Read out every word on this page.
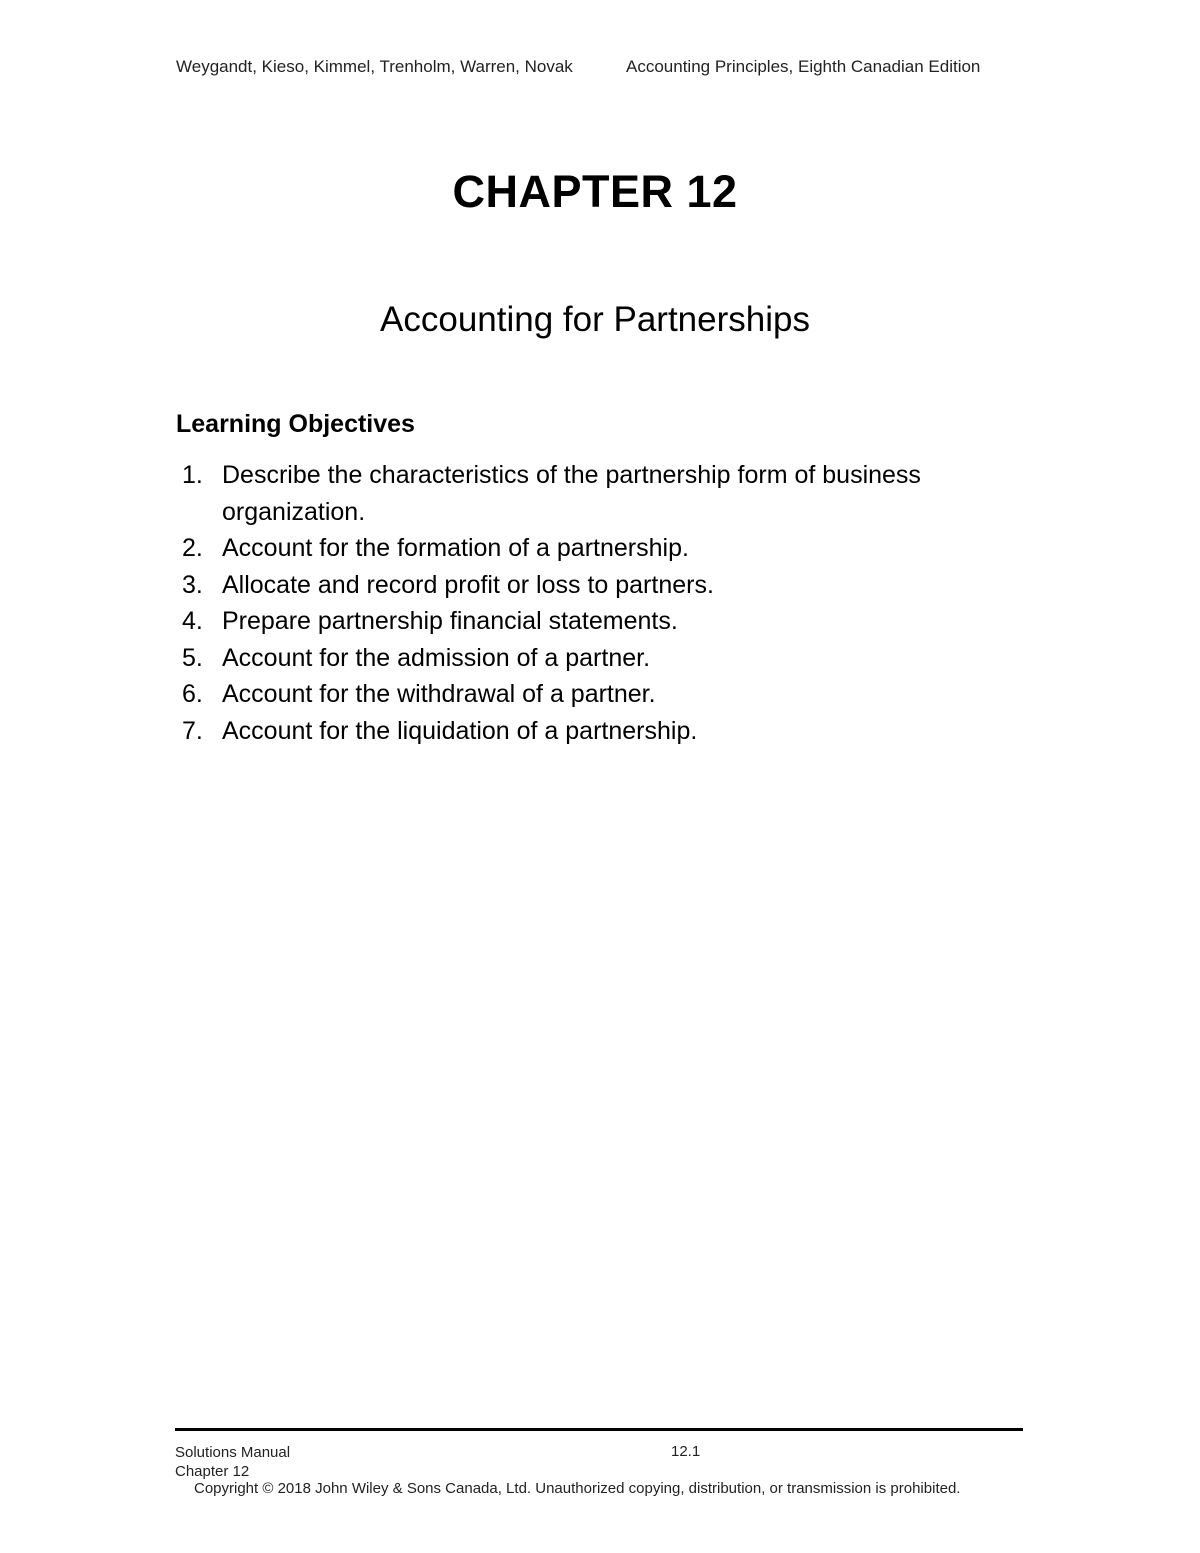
Weygandt, Kieso, Kimmel, Trenholm, Warren, Novak	Accounting Principles, Eighth Canadian Edition
CHAPTER 12
Accounting for Partnerships
Learning Objectives
1. Describe the characteristics of the partnership form of business organization.
2. Account for the formation of a partnership.
3. Allocate and record profit or loss to partners.
4. Prepare partnership financial statements.
5. Account for the admission of a partner.
6. Account for the withdrawal of a partner.
7. Account for the liquidation of a partnership.
Solutions Manual
Chapter 12
12.1
Copyright © 2018 John Wiley & Sons Canada, Ltd. Unauthorized copying, distribution, or transmission is prohibited.
